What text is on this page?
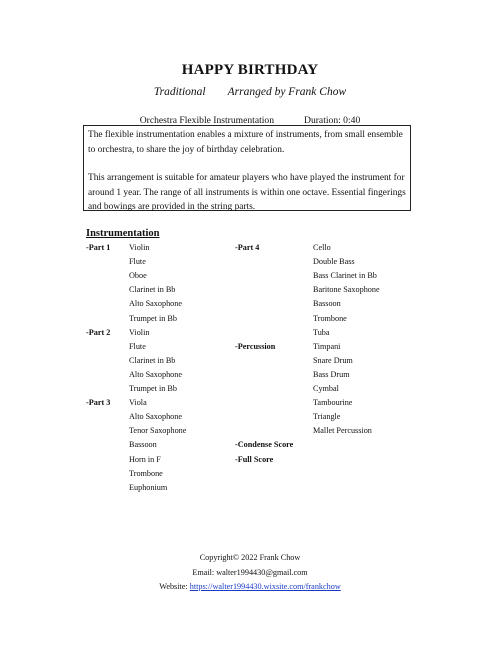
HAPPY BIRTHDAY
Traditional Arranged by Frank Chow
Orchestra Flexible Instrumentation	Duration: 0:40

The flexible instrumentation enables a mixture of instruments, from small ensemble to orchestra, to share the joy of birthday celebration.

This arrangement is suitable for amateur players who have played the instrument for around 1 year. The range of all instruments is within one octave. Essential fingerings and bowings are provided in the string parts.

Instrumentation
-Part 1 Violin
Flute
Oboe
Clarinet in Bb
Alto Saxophone
Trumpet in Bb
-Part 2 Violin
Flute
Clarinet in Bb
Alto Saxophone
Trumpet in Bb
-Part 3 Viola
Alto Saxophone
Tenor Saxophone
Bassoon
Horn in F
Trombone
Euphonium
-Part 4	Cello
Double Bass
Bass Clarinet in Bb
Baritone Saxophone
Bassoon
Trombone
Tuba
-Percussion	Timpani
Snare Drum
Bass Drum
Cymbal
Tambourine
Triangle
Mallet Percussion
-Condense Score
-Full Score
Copyright© 2022 Frank Chow
Email: walter1994430@gmail.com
Website: https://walter1994430.wixsite.com/frankchow
